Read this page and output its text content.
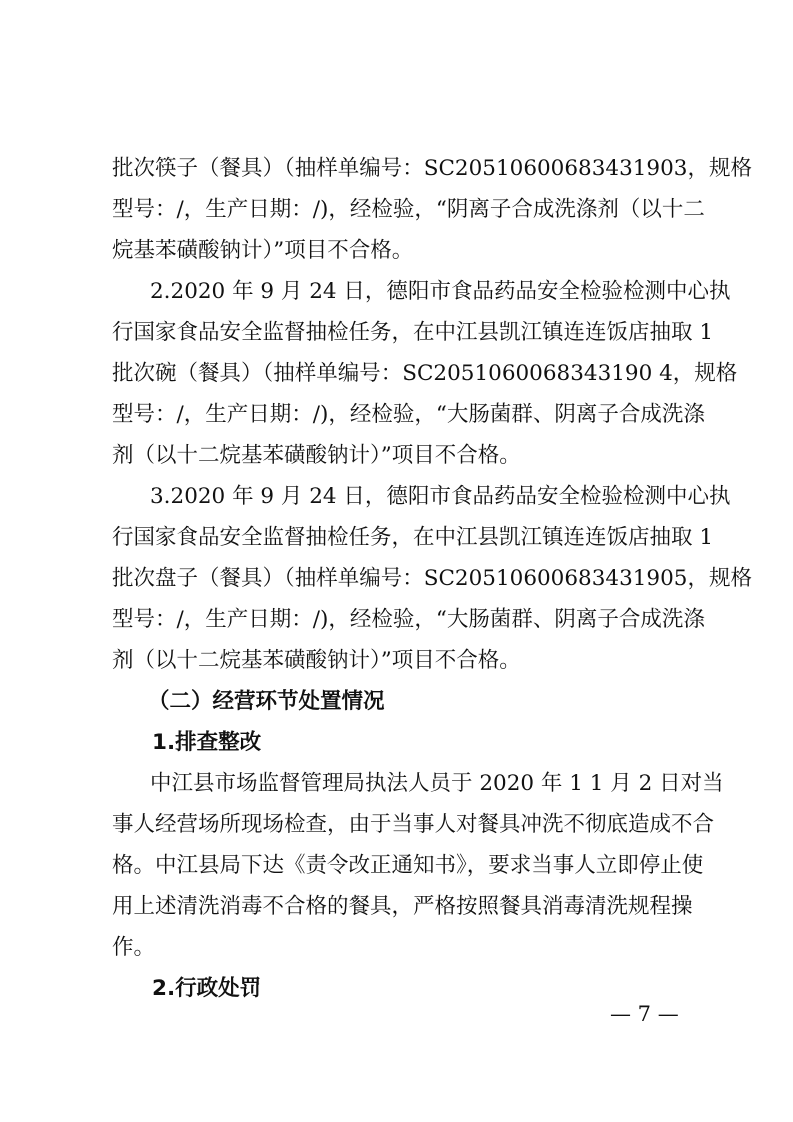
批次筷子（餐具）（抽样单编号：SC20510600683431903，规格
型号：/，生产日期：/)，经检验，“阴离子合成洗涤剂（以十二
烷基苯磺酸钠计）”项目不合格。
2.2020 年 9 月 24 日，德阳市食品药品安全检验检测中心执
行国家食品安全监督抽检任务，在中江县凯江镇连连饭店抽取 1
批次碗（餐具）（抽样单编号：SC2051060068343190 4，规格
型号：/，生产日期：/)，经检验，“大肠菌群、阴离子合成洗涤
剂（以十二烷基苯磺酸钠计）”项目不合格。
3.2020 年 9 月 24 日，德阳市食品药品安全检验检测中心执
行国家食品安全监督抽检任务，在中江县凯江镇连连饭店抽取 1
批次盘子（餐具）（抽样单编号：SC20510600683431905，规格
型号：/，生产日期：/)，经检验，“大肠菌群、阴离子合成洗涤
剂（以十二烷基苯磺酸钠计）”项目不合格。
（二）经营环节处置情况
1.排查整改
中江县市场监督管理局执法人员于 2020 年 1 1 月 2 日对当
事人经营场所现场检查，由于当事人对餐具冲洗不彻底造成不合
格。中江县局下达《责令改正通知书》，要求当事人立即停止使
用上述清洗消毒不合格的餐具，严格按照餐具消毒清洗规程操
作。
2.行政处罚
— 7 —
